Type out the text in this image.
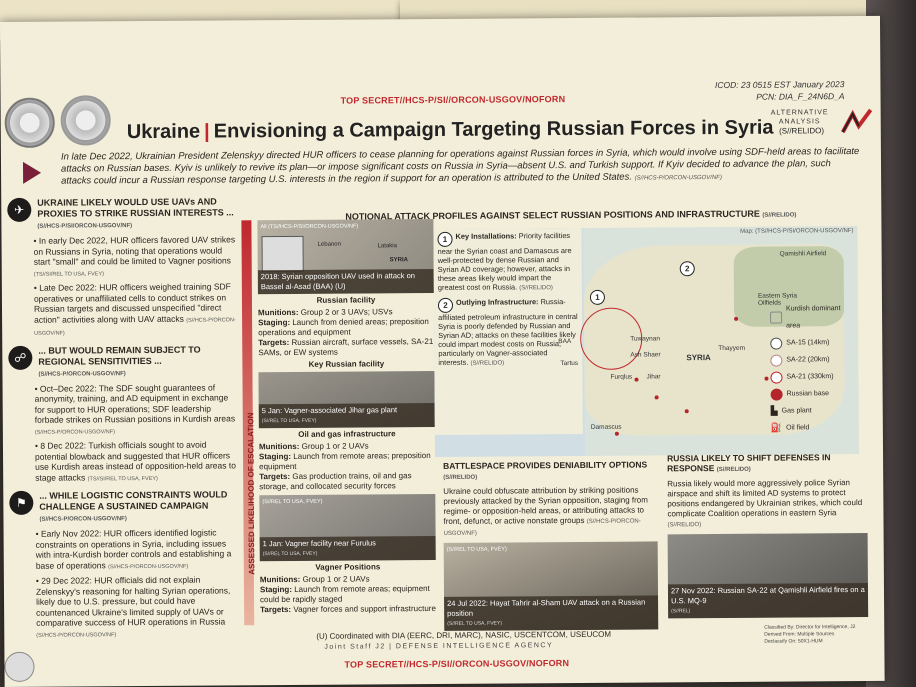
TOP SECRET//HCS-P/SI//ORCON-USGOV/NOFORN
ICOD: 23 0515 EST January 2023
PCN: DIA_F_24N6D_A
Ukraine | Envisioning a Campaign Targeting Russian Forces in Syria (S//RELIDO)
ALTERNATIVE
ANALYSIS
In late Dec 2022, Ukrainian President Zelenskyy directed HUR officers to cease planning for operations against Russian forces in Syria, which would involve using SDF-held areas to facilitate attacks on Russian bases. Kyiv is unlikely to revive its plan—or impose significant costs on Russia in Syria—absent U.S. and Turkish support. If Kyiv decided to advance the plan, such attacks could incur a Russian response targeting U.S. interests in the region if support for an operation is attributed to the United States. (S//HCS-P/ORCON-USGOV/NF)
✈
UKRAINE LIKELY WOULD USE UAVs AND PROXIES TO STRIKE RUSSIAN INTERESTS ...
(S//HCS-P/SI/ORCON-USGOV/NF)
• In early Dec 2022, HUR officers favored UAV strikes on Russians in Syria, noting that operations would start "small" and could be limited to Vagner positions (TS//SI/REL TO USA, FVEY)
• Late Dec 2022: HUR officers weighed training SDF operatives or unaffiliated cells to conduct strikes on Russian targets and discussed unspecified "direct action" activities along with UAV attacks (S//HCS-P/ORCON-USGOV/NF)
☍
... BUT WOULD REMAIN SUBJECT TO REGIONAL SENSITIVITIES ...
(S//HCS-P/ORCON-USGOV/NF)
• Oct–Dec 2022: The SDF sought guarantees of anonymity, training, and AD equipment in exchange for support to HUR operations; SDF leadership forbade strikes on Russian positions in Kurdish areas (S//HCS-P/ORCON-USGOV/NF)
• 8 Dec 2022: Turkish officials sought to avoid potential blowback and suggested that HUR officers use Kurdish areas instead of opposition-held areas to stage attacks (TS//SI/REL TO USA, FVEY)
⚑
... WHILE LOGISTIC CONSTRAINTS WOULD CHALLENGE A SUSTAINED CAMPAIGN
(S//HCS-P/ORCON-USGOV/NF)
• Early Nov 2022: HUR officers identified logistic constraints on operations in Syria, including issues with intra-Kurdish border controls and establishing a base of operations (S//HCS-P/ORCON-USGOV/NF)
• 29 Dec 2022: HUR officials did not explain Zelenskyy's reasoning for halting Syrian operations, likely due to U.S. pressure, but could have countenanced Ukraine's limited supply of UAVs or comparative success of HUR operations in Russia (S//HCS-P/ORCON-USGOV/NF)
ASSESSED LIKELIHOOD OF ESCALATION
All (TS//HCS-P/SI/ORCON-USGOV/NF)
Lebanon
SYRIA
Latakia
2018: Syrian opposition UAV used in attack on Bassel al-Asad (BAA) (U)
Russian facility
Munitions: Group 2 or 3 UAVs; USVs
Staging: Launch from denied areas; preposition operations and equipment
Targets: Russian aircraft, surface vessels, SA-21 SAMs, or EW systems
Key Russian facility
5 Jan: Vagner-associated Jihar gas plant
(S//REL TO USA, FVEY)
Oil and gas infrastructure
Munitions: Group 1 or 2 UAVs
Staging: Launch from remote areas; preposition equipment
Targets: Gas production trains, oil and gas storage, and collocated security forces
(S//REL TO USA, FVEY)
1 Jan: Vagner facility near Furulus
(S//REL TO USA, FVEY)
Vagner Positions
Munitions: Group 1 or 2 UAVs
Staging: Launch from remote areas; equipment could be rapidly staged
Targets: Vagner forces and support infrastructure
NOTIONAL ATTACK PROFILES AGAINST SELECT RUSSIAN POSITIONS AND INFRASTRUCTURE (S//RELIDO)
Map: (TS//HCS-P/SI/ORCON-USGOV/NF)
1 Key Installations: Priority facilities near the Syrian coast and Damascus are well-protected by dense Russian and Syrian AD coverage; however, attacks in these areas likely would impart the greatest cost on Russia. (S//RELIDO)
2 Outlying Infrastructure: Russia-affiliated petroleum infrastructure in central Syria is poorly defended by Russian and Syrian AD; attacks on these facilities likely could impart modest costs on Russia, particularly on Vagner-associated interests. (S//RELIDO)
2
1
BAA
Tartus
Furqlus Jihar
Damascus
Tuwaynan
Ash Shaer	SYRIA
Qamishli Airfield
Eastern Syria Oilfields
Thayyem
Kurdish dominant area
SA-15 (14km)
SA-22 (20km)
SA-21 (330km)
Russian base
▙ Gas plant
⛽ Oil field
BATTLESPACE PROVIDES DENIABILITY OPTIONS (S//RELIDO)
Ukraine could obfuscate attribution by striking positions previously attacked by the Syrian opposition, staging from regime- or opposition-held areas, or attributing attacks to front, defunct, or active nonstate groups (S//HCS-P/ORCON-USGOV/NF)
(S//REL TO USA, FVEY)
24 Jul 2022: Hayat Tahrir al-Sham UAV attack on a Russian position
(S//REL TO USA, FVEY)
RUSSIA LIKELY TO SHIFT DEFENSES IN RESPONSE (S//RELIDO)
Russia likely would more aggressively police Syrian airspace and shift its limited AD systems to protect positions endangered by Ukrainian strikes, which could complicate Coalition operations in eastern Syria (S//RELIDO)
27 Nov 2022: Russian SA-22 at Qamishli Airfield fires on a U.S. MQ-9
(S//REL)
(U) Coordinated with DIA (EERC, DRI, MARC), NASIC, USCENTCOM, USEUCOM
Joint Staff J2 | DEFENSE INTELLIGENCE AGENCY
TOP SECRET//HCS-P/SI//ORCON-USGOV/NOFORN
Classified By: Director for Intelligence, J2
Derived From: Multiple Sources
Declassify On: 50X1-HUM
